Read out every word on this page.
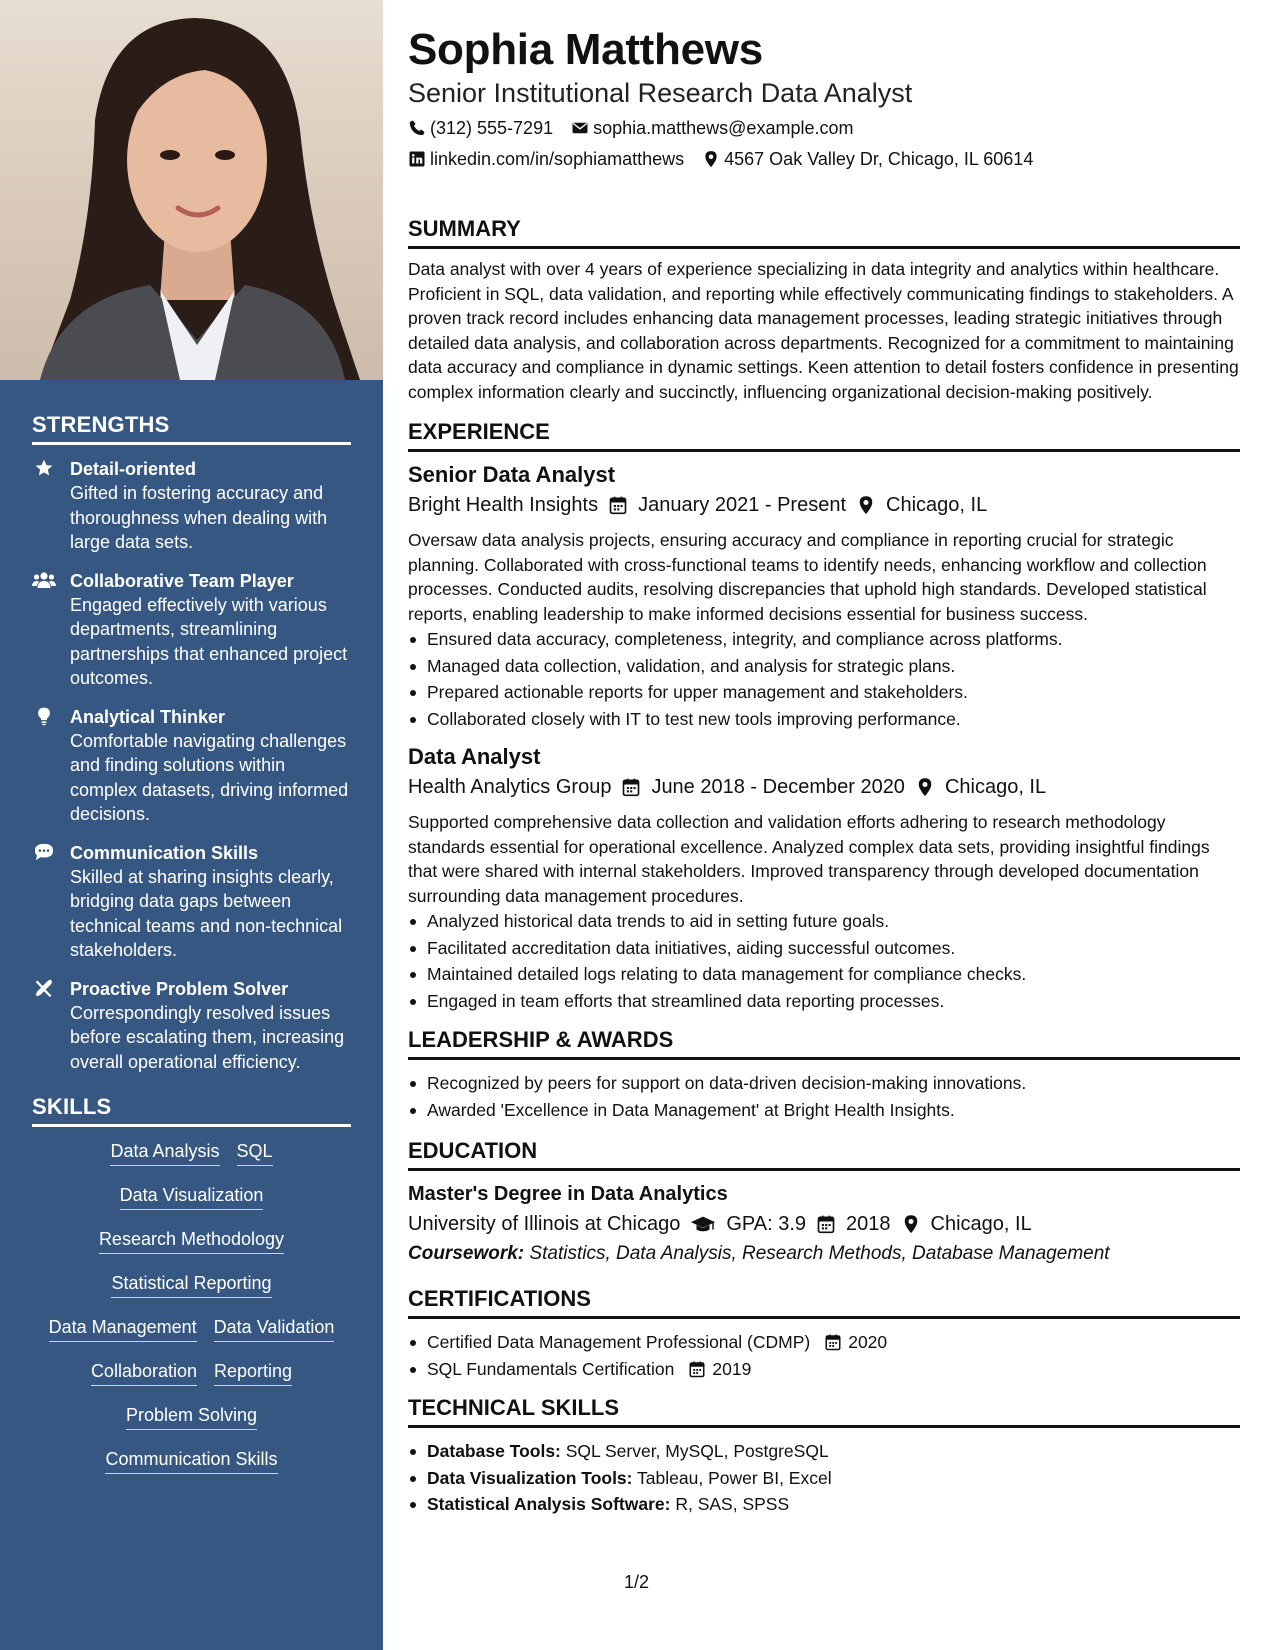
STRENGTHS
Detail-oriented
Gifted in fostering accuracy and thoroughness when dealing with large data sets.
Collaborative Team Player
Engaged effectively with various departments, streamlining partnerships that enhanced project outcomes.
Analytical Thinker
Comfortable navigating challenges and finding solutions within complex datasets, driving informed decisions.
Communication Skills
Skilled at sharing insights clearly, bridging data gaps between technical teams and non-technical stakeholders.
Proactive Problem Solver
Correspondingly resolved issues before escalating them, increasing overall operational efficiency.
SKILLS
Data Analysis SQL
Data Visualization
Research Methodology
Statistical Reporting
Data Management Data Validation
Collaboration Reporting
Problem Solving
Communication Skills
Sophia Matthews
Senior Institutional Research Data Analyst
(312) 555-7291 sophia.matthews@example.com
linkedin.com/in/sophiamatthews 4567 Oak Valley Dr, Chicago, IL 60614
SUMMARY

Data analyst with over 4 years of experience specializing in data integrity and analytics within healthcare. Proficient in SQL, data validation, and reporting while effectively communicating findings to stakeholders. A proven track record includes enhancing data management processes, leading strategic initiatives through detailed data analysis, and collaboration across departments. Recognized for a commitment to maintaining data accuracy and compliance in dynamic settings. Keen attention to detail fosters confidence in presenting complex information clearly and succinctly, influencing organizational decision-making positively.

EXPERIENCE
Senior Data Analyst
Bright Health Insights January 2021 - Present Chicago, IL

Oversaw data analysis projects, ensuring accuracy and compliance in reporting crucial for strategic planning. Collaborated with cross-functional teams to identify needs, enhancing workflow and collection processes. Conducted audits, resolving discrepancies that uphold high standards. Developed statistical reports, enabling leadership to make informed decisions essential for business success.

Ensured data accuracy, completeness, integrity, and compliance across platforms.
Managed data collection, validation, and analysis for strategic plans.
Prepared actionable reports for upper management and stakeholders.
Collaborated closely with IT to test new tools improving performance.
Data Analyst
Health Analytics Group June 2018 - December 2020 Chicago, IL

Supported comprehensive data collection and validation efforts adhering to research methodology standards essential for operational excellence. Analyzed complex data sets, providing insightful findings that were shared with internal stakeholders. Improved transparency through developed documentation surrounding data management procedures.

Analyzed historical data trends to aid in setting future goals.
Facilitated accreditation data initiatives, aiding successful outcomes.
Maintained detailed logs relating to data management for compliance checks.
Engaged in team efforts that streamlined data reporting processes.
LEADERSHIP & AWARDS
Recognized by peers for support on data-driven decision-making innovations.
Awarded 'Excellence in Data Management' at Bright Health Insights.
EDUCATION
Master's Degree in Data Analytics
University of Illinois at Chicago GPA: 3.9 2018 Chicago, IL
Coursework: Statistics, Data Analysis, Research Methods, Database Management
CERTIFICATIONS
Certified Data Management Professional (CDMP) 2020
SQL Fundamentals Certification 2019
TECHNICAL SKILLS
Database Tools: SQL Server, MySQL, PostgreSQL
Data Visualization Tools: Tableau, Power BI, Excel
Statistical Analysis Software: R, SAS, SPSS
1/2
